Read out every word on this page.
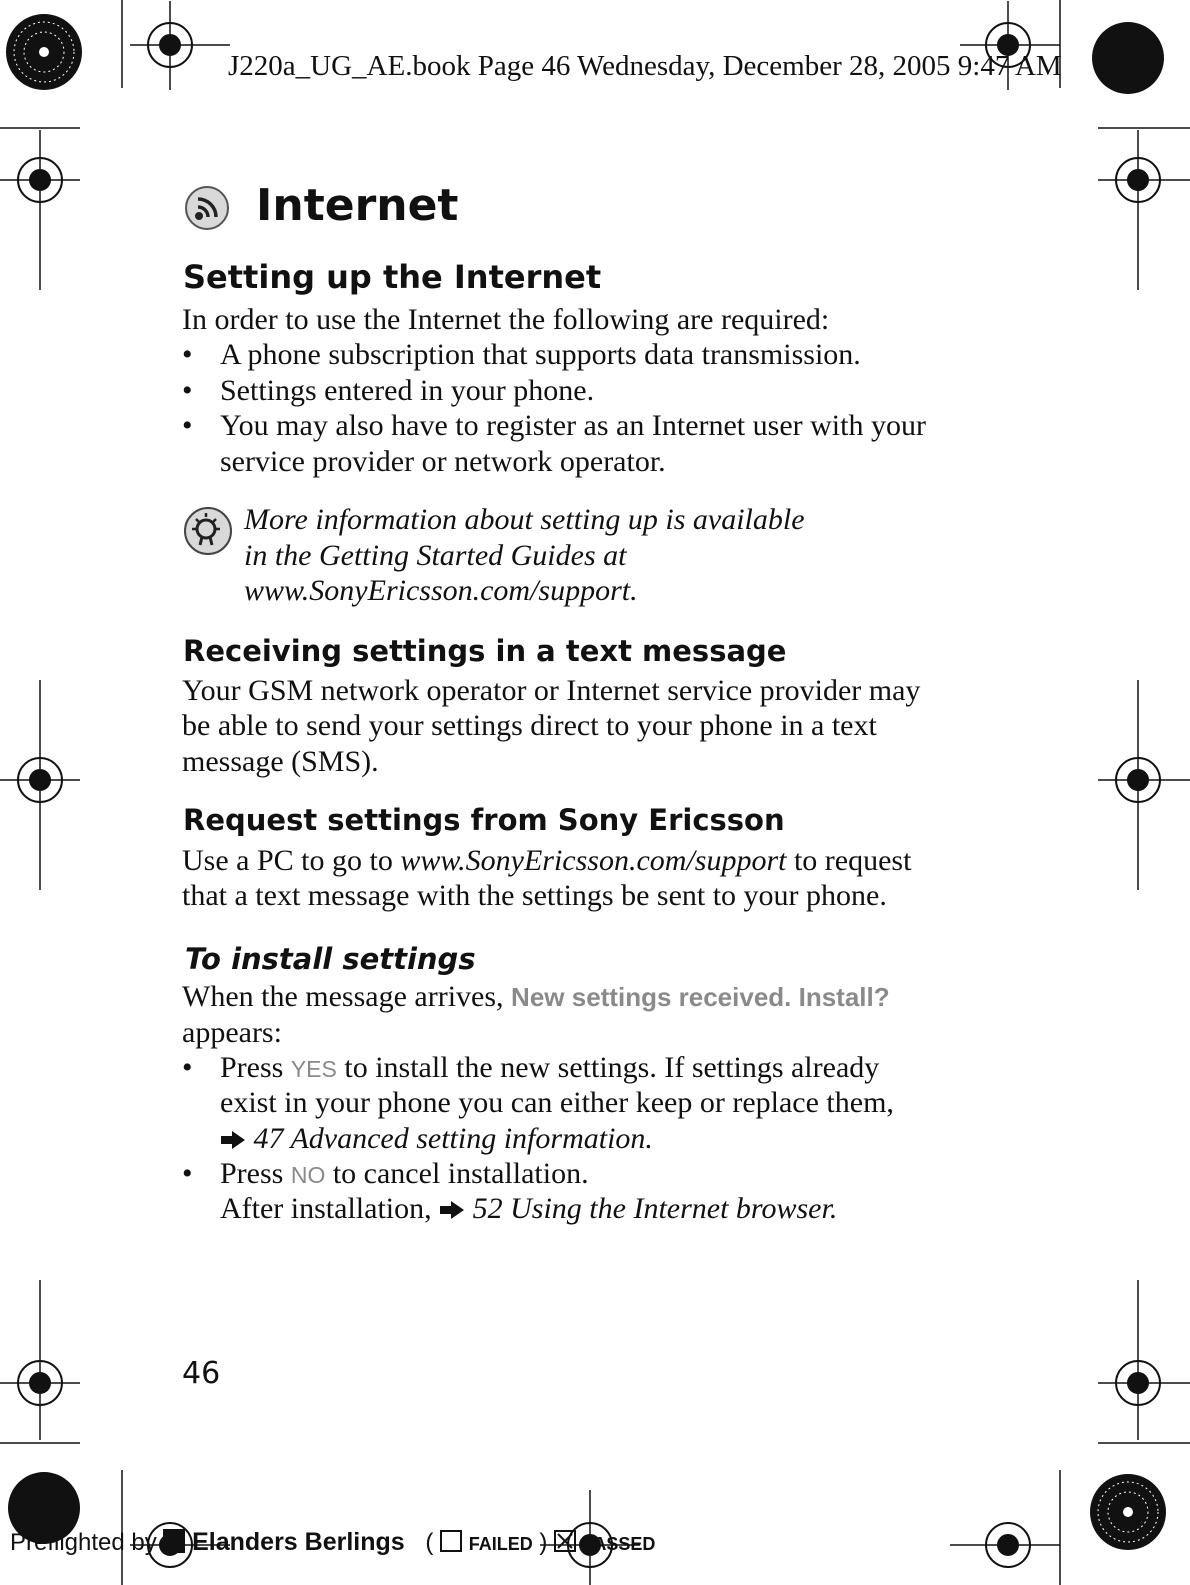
J220a_UG_AE.book Page 46 Wednesday, December 28, 2005 9:47 AM
Internet
Setting up the Internet
In order to use the Internet the following are required:
• A phone subscription that supports data transmission.
• Settings entered in your phone.
• You may also have to register as an Internet user with your service provider or network operator.
More information about setting up is available
in the Getting Started Guides at
www.SonyEricsson.com/support.
Receiving settings in a text message
Your GSM network operator or Internet service provider may
be able to send your settings direct to your phone in a text
message (SMS).
Request settings from Sony Ericsson
Use a PC to go to www.SonyEricsson.com/support to request
that a text message with the settings be sent to your phone.
To install settings
When the message arrives, New settings received. Install?
appears:
• Press YES to install the new settings. If settings already
exist in your phone you can either keep or replace them,
47 Advanced setting information.
• Press NO to cancel installation.
After installation,  52 Using the Internet browser.
46
Preflighted by Elanders Berlings ( FAILED ) PASSED
